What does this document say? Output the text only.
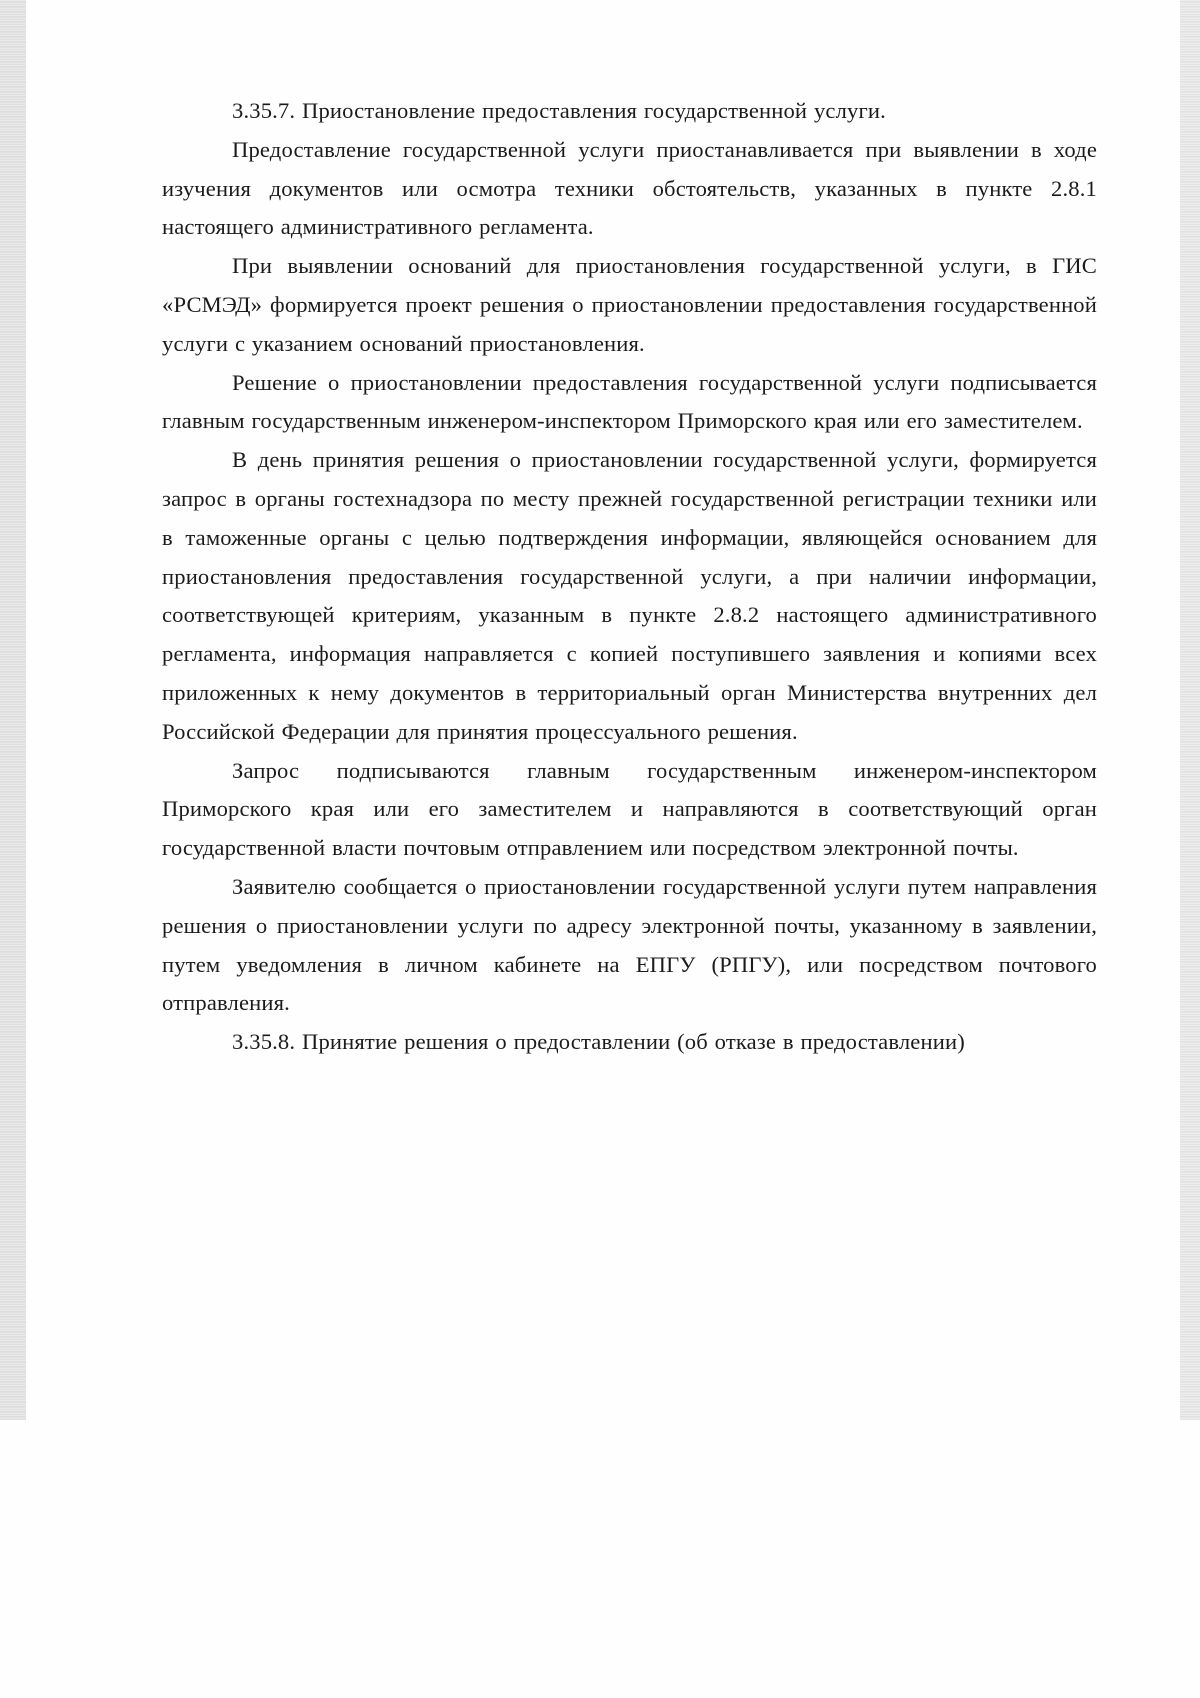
3.35.7. Приостановление предоставления государственной услуги.

Предоставление государственной услуги приостанавливается при выявлении в ходе изучения документов или осмотра техники обстоятельств, указанных в пункте 2.8.1 настоящего административного регламента.

При выявлении оснований для приостановления государственной услуги, в ГИС «РСМЭД» формируется проект решения о приостановлении предоставления государственной услуги с указанием оснований приостановления.

Решение о приостановлении предоставления государственной услуги подписывается главным государственным инженером-инспектором Приморского края или его заместителем.

В день принятия решения о приостановлении государственной услуги, формируется запрос в органы гостехнадзора по месту прежней государственной регистрации техники или в таможенные органы с целью подтверждения информации, являющейся основанием для приостановления предоставления государственной услуги, а при наличии информации, соответствующей критериям, указанным в пункте 2.8.2 настоящего административного регламента, информация направляется с копией поступившего заявления и копиями всех приложенных к нему документов в территориальный орган Министерства внутренних дел Российской Федерации для принятия процессуального решения.

Запрос подписываются главным государственным инженером-инспектором Приморского края или его заместителем и направляются в соответствующий орган государственной власти почтовым отправлением или посредством электронной почты.

Заявителю сообщается о приостановлении государственной услуги путем направления решения о приостановлении услуги по адресу электронной почты, указанному в заявлении, путем уведомления в личном кабинете на ЕПГУ (РПГУ), или посредством почтового отправления.

3.35.8. Принятие решения о предоставлении (об отказе в предоставлении)
